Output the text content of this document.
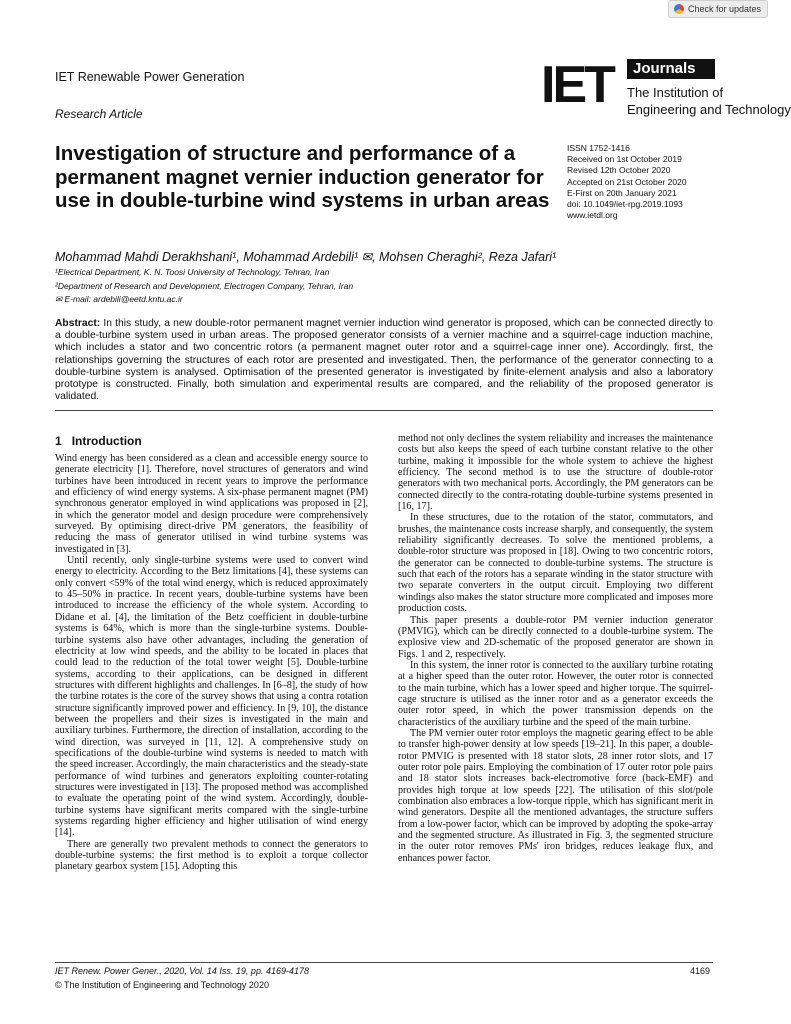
Check for updates
IET Renewable Power Generation
Research Article	IET	Journals
The Institution of
Engineering and Technology
Investigation of structure and performance of a permanent magnet vernier induction generator for use in double-turbine wind systems in urban areas
ISSN 1752-1416
Received on 1st October 2019
Revised 12th October 2020
Accepted on 21st October 2020
E-First on 20th January 2021
doi: 10.1049/iet-rpg.2019.1093
www.ietdl.org
Mohammad Mahdi Derakhshani¹, Mohammad Ardebili¹ ✉, Mohsen Cheraghi², Reza Jafari¹
¹Electrical Department, K. N. Toosi University of Technology, Tehran, Iran
²Department of Research and Development, Electrogen Company, Tehran, Iran
✉ E-mail: ardebili@eetd.kntu.ac.ir

Abstract: In this study, a new double-rotor permanent magnet vernier induction wind generator is proposed, which can be connected directly to a double-turbine system used in urban areas. The proposed generator consists of a vernier machine and a squirrel-cage induction machine, which includes a stator and two concentric rotors (a permanent magnet outer rotor and a squirrel-cage inner one). Accordingly, first, the relationships governing the structures of each rotor are presented and investigated. Then, the performance of the generator connecting to a double-turbine system is analysed. Optimisation of the presented generator is investigated by finite-element analysis and also a laboratory prototype is constructed. Finally, both simulation and experimental results are compared, and the reliability of the proposed generator is validated.

1 Introduction

Wind energy has been considered as a clean and accessible energy source to generate electricity [1]. Therefore, novel structures of generators and wind turbines have been introduced in recent years to improve the performance and efficiency of wind energy systems. A six-phase permanent magnet (PM) synchronous generator employed in wind applications was proposed in [2], in which the generator model and design procedure were comprehensively surveyed. By optimising direct-drive PM generators, the feasibility of reducing the mass of generator utilised in wind turbine systems was investigated in [3].

Until recently, only single-turbine systems were used to convert wind energy to electricity. According to the Betz limitations [4], these systems can only convert <59% of the total wind energy, which is reduced approximately to 45–50% in practice. In recent years, double-turbine systems have been introduced to increase the efficiency of the whole system. According to Didane et al. [4], the limitation of the Betz coefficient in double-turbine systems is 64%, which is more than the single-turbine systems. Double-turbine systems also have other advantages, including the generation of electricity at low wind speeds, and the ability to be located in places that could lead to the reduction of the total tower weight [5]. Double-turbine systems, according to their applications, can be designed in different structures with different highlights and challenges. In [6–8], the study of how the turbine rotates is the core of the survey shows that using a contra rotation structure significantly improved power and efficiency. In [9, 10], the distance between the propellers and their sizes is investigated in the main and auxiliary turbines. Furthermore, the direction of installation, according to the wind direction, was surveyed in [11, 12]. A comprehensive study on specifications of the double-turbine wind systems is needed to match with the speed increaser. Accordingly, the main characteristics and the steady-state performance of wind turbines and generators exploiting counter-rotating structures were investigated in [13]. The proposed method was accomplished to evaluate the operating point of the wind system. Accordingly, double-turbine systems have significant merits compared with the single-turbine systems regarding higher efficiency and higher utilisation of wind energy [14].

There are generally two prevalent methods to connect the generators to double-turbine systems: the first method is to exploit a torque collector planetary gearbox system [15]. Adopting this

method not only declines the system reliability and increases the maintenance costs but also keeps the speed of each turbine constant relative to the other turbine, making it impossible for the whole system to achieve the highest efficiency. The second method is to use the structure of double-rotor generators with two mechanical ports. Accordingly, the PM generators can be connected directly to the contra-rotating double-turbine systems presented in [16, 17].

In these structures, due to the rotation of the stator, commutators, and brushes, the maintenance costs increase sharply, and consequently, the system reliability significantly decreases. To solve the mentioned problems, a double-rotor structure was proposed in [18]. Owing to two concentric rotors, the generator can be connected to double-turbine systems. The structure is such that each of the rotors has a separate winding in the stator structure with two separate converters in the output circuit. Employing two different windings also makes the stator structure more complicated and imposes more production costs.

This paper presents a double-rotor PM vernier induction generator (PMVIG), which can be directly connected to a double-turbine system. The explosive view and 2D-schematic of the proposed generator are shown in Figs. 1 and 2, respectively.

In this system, the inner rotor is connected to the auxiliary turbine rotating at a higher speed than the outer rotor. However, the outer rotor is connected to the main turbine, which has a lower speed and higher torque. The squirrel-cage structure is utilised as the inner rotor and as a generator exceeds the outer rotor speed, in which the power transmission depends on the characteristics of the auxiliary turbine and the speed of the main turbine.

The PM vernier outer rotor employs the magnetic gearing effect to be able to transfer high-power density at low speeds [19–21]. In this paper, a double-rotor PMVIG is presented with 18 stator slots, 28 inner rotor slots, and 17 outer rotor pole pairs. Employing the combination of 17 outer rotor pole pairs and 18 stator slots increases back-electromotive force (back-EMF) and provides high torque at low speeds [22]. The utilisation of this slot/pole combination also embraces a low-torque ripple, which has significant merit in wind generators. Despite all the mentioned advantages, the structure suffers from a low-power factor, which can be improved by adopting the spoke-array and the segmented structure. As illustrated in Fig. 3, the segmented structure in the outer rotor removes PMs' iron bridges, reduces leakage flux, and enhances power factor.

IET Renew. Power Gener., 2020, Vol. 14 Iss. 19, pp. 4169-4178
© The Institution of Engineering and Technology 2020
4169
